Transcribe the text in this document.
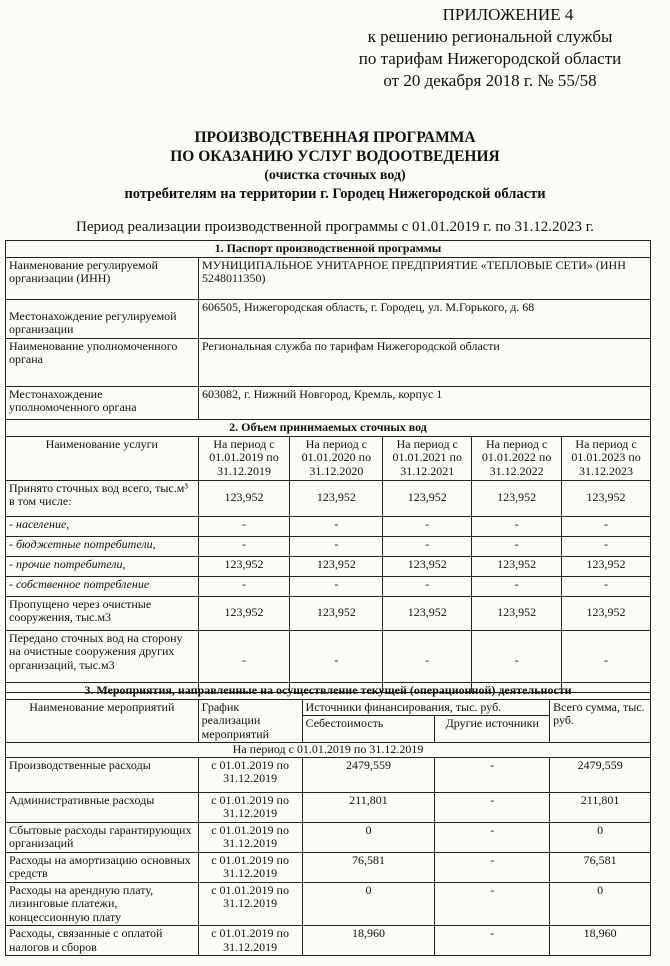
ПРИЛОЖЕНИЕ 4
к решению региональной службы
по тарифам Нижегородской области
от 20 декабря 2018 г. № 55/58
ПРОИЗВОДСТВЕННАЯ ПРОГРАММА
ПО ОКАЗАНИЮ УСЛУГ ВОДООТВЕДЕНИЯ
(очистка сточных вод)
потребителям на территории г. Городец Нижегородской области
Период реализации производственной программы с 01.01.2019 г. по 31.12.2023 г.
1. Паспорт производственной программы	
Наименование регулируемой организации (ИНН)	МУНИЦИПАЛЬНОЕ УНИТАРНОЕ ПРЕДПРИЯТИЕ «ТЕПЛОВЫЕ СЕТИ» (ИНН 5248011350)
Местонахождение регулируемой организации	606505, Нижегородская область, г. Городец, ул. М.Горького, д. 68
Наименование уполномоченного органа	Региональная служба по тарифам Нижегородской области
Местонахождение уполномоченного органа	603082, г. Нижний Новгород, Кремль, корпус 1
2. Объем принимаемых сточных вод					
Наименование услуги	На период с 01.01.2019 по 31.12.2019	На период с 01.01.2020 по 31.12.2020	На период с 01.01.2021 по 31.12.2021	На период с 01.01.2022 по 31.12.2022	На период с 01.01.2023 по 31.12.2023
Принято сточных вод всего, тыс.м³ в том числе:	123,952	123,952	123,952	123,952	123,952
- население,	-	-	-	-	-
- бюджетные потребители,	-	-	-	-	-
- прочие потребители,	123,952	123,952	123,952	123,952	123,952
- собственное потребление	-	-	-	-	-
Пропущено через очистные сооружения, тыс.м3	123,952	123,952	123,952	123,952	123,952
Передано сточных вод на сторону на очистные сооружения других организаций, тыс.м3	-	-	-	-	-
3. Мероприятия, направленные на осуществление текущей (операционной) деятельности				
Наименование мероприятий	График реализации мероприятий	Источники финансирования, тыс. руб.		Всего сумма, тыс. руб.
		Себестоимость	Другие источники	
На период с 01.01.2019 по 31.12.2019				
Производственные расходы	с 01.01.2019 по 31.12.2019	2479,559	-	2479,559
Административные расходы	с 01.01.2019 по 31.12.2019	211,801	-	211,801
Сбытовые расходы гарантирующих организаций	с 01.01.2019 по 31.12.2019	0	-	0
Расходы на амортизацию основных средств	с 01.01.2019 по 31.12.2019	76,581	-	76,581
Расходы на арендную плату, лизинговые платежи, концессионную плату	с 01.01.2019 по 31.12.2019	0	-	0
Расходы, связанные с оплатой налогов и сборов	с 01.01.2019 по 31.12.2019	18,960	-	18,960
